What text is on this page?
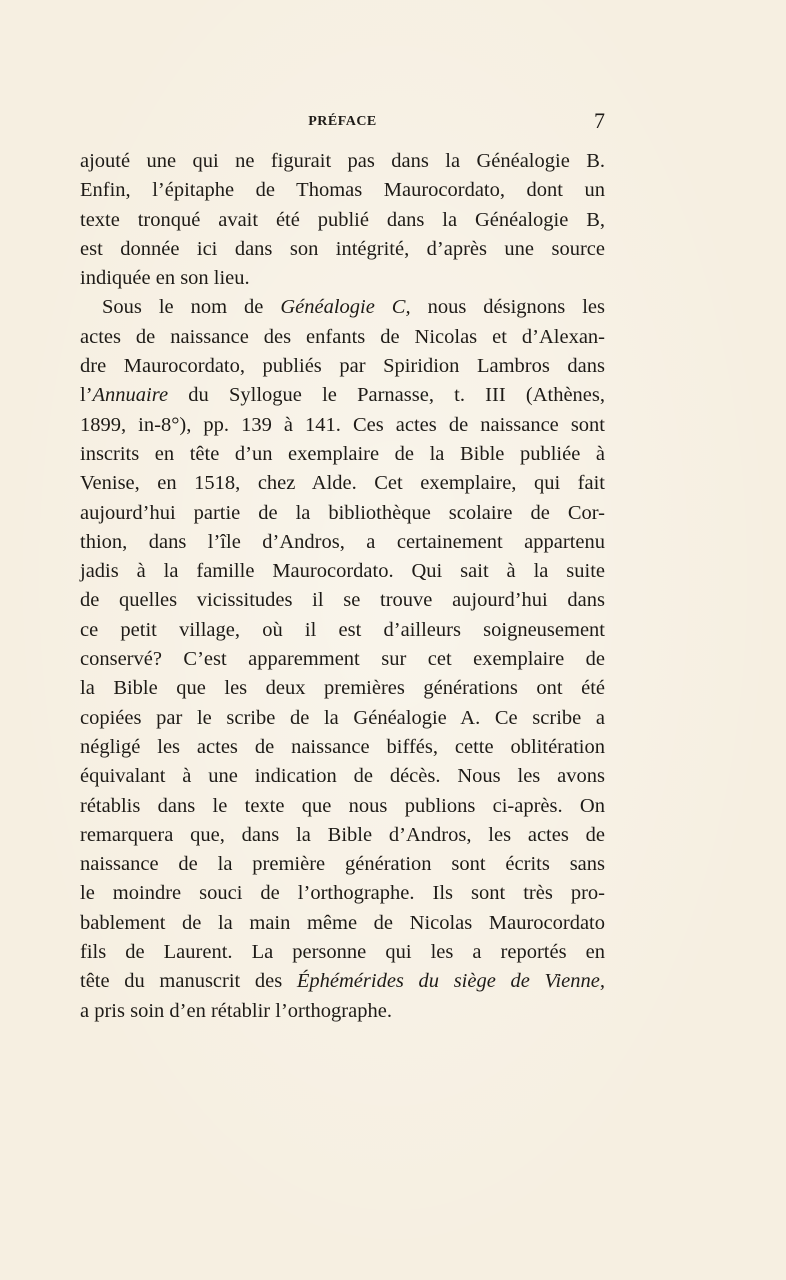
PRÉFACE	7
ajouté une qui ne figurait pas dans la Généalogie B.
Enfin, l’épitaphe de Thomas Maurocordato, dont un
texte tronqué avait été publié dans la Généalogie B,
est donnée ici dans son intégrité, d’après une source
indiquée en son lieu.
Sous le nom de Généalogie C, nous désignons les
actes de naissance des enfants de Nicolas et d’Alexan-
dre Maurocordato, publiés par Spiridion Lambros dans
l’Annuaire du Syllogue le Parnasse, t. III (Athènes,
1899, in-8°), pp. 139 à 141. Ces actes de naissance sont
inscrits en tête d’un exemplaire de la Bible publiée à
Venise, en 1518, chez Alde. Cet exemplaire, qui fait
aujourd’hui partie de la bibliothèque scolaire de Cor-
thion, dans l’île d’Andros, a certainement appartenu
jadis à la famille Maurocordato. Qui sait à la suite
de quelles vicissitudes il se trouve aujourd’hui dans
ce petit village, où il est d’ailleurs soigneusement
conservé? C’est apparemment sur cet exemplaire de
la Bible que les deux premières générations ont été
copiées par le scribe de la Généalogie A. Ce scribe a
négligé les actes de naissance biffés, cette oblitération
équivalant à une indication de décès. Nous les avons
rétablis dans le texte que nous publions ci-après. On
remarquera que, dans la Bible d’Andros, les actes de
naissance de la première génération sont écrits sans
le moindre souci de l’orthographe. Ils sont très pro-
bablement de la main même de Nicolas Maurocordato
fils de Laurent. La personne qui les a reportés en
tête du manuscrit des Éphémérides du siège de Vienne,
a pris soin d’en rétablir l’orthographe.
